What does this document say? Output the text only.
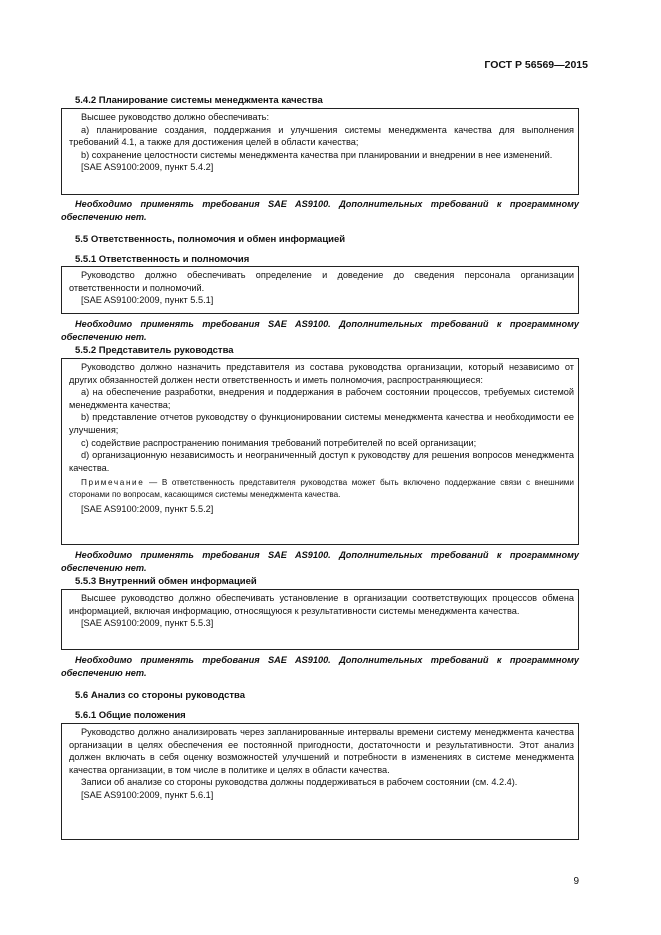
ГОСТ Р 56569—2015
5.4.2 Планирование системы менеджмента качества

Высшее руководство должно обеспечивать:

a) планирование создания, поддержания и улучшения системы менеджмента качества для выполнения требований 4.1, а также для достижения целей в области качества;

b) сохранение целостности системы менеджмента качества при планировании и внедрении в нее изменений.

[SAE AS9100:2009, пункт 5.4.2]

Необходимо применять требования SAE AS9100. Дополнительных требований к программному обеспечению нет.
5.5 Ответственность, полномочия и обмен информацией
5.5.1 Ответственность и полномочия

Руководство должно обеспечивать определение и доведение до сведения персонала организации ответственности и полномочий.

[SAE AS9100:2009, пункт 5.5.1]

Необходимо применять требования SAE AS9100. Дополнительных требований к программному обеспечению нет.
5.5.2 Представитель руководства

Руководство должно назначить представителя из состава руководства организации, который независимо от других обязанностей должен нести ответственность и иметь полномочия, распространяющиеся:

a) на обеспечение разработки, внедрения и поддержания в рабочем состоянии процессов, требуемых системой менеджмента качества;

b) представление отчетов руководству о функционировании системы менеджмента качества и необходимости ее улучшения;

c) содействие распространению понимания требований потребителей по всей организации;

d) организационную независимость и неограниченный доступ к руководству для решения вопросов менеджмента качества.

Примечание — В ответственность представителя руководства может быть включено поддержание связи с внешними сторонами по вопросам, касающимся системы менеджмента качества.

[SAE AS9100:2009, пункт 5.5.2]

Необходимо применять требования SAE AS9100. Дополнительных требований к программному обеспечению нет.
5.5.3 Внутренний обмен информацией

Высшее руководство должно обеспечивать установление в организации соответствующих процессов обмена информацией, включая информацию, относящуюся к результативности системы менеджмента качества.

[SAE AS9100:2009, пункт 5.5.3]

Необходимо применять требования SAE AS9100. Дополнительных требований к программному обеспечению нет.
5.6 Анализ со стороны руководства
5.6.1 Общие положения

Руководство должно анализировать через запланированные интервалы времени систему менеджмента качества организации в целях обеспечения ее постоянной пригодности, достаточности и результативности. Этот анализ должен включать в себя оценку возможностей улучшений и потребности в изменениях в системе менеджмента качества организации, в том числе в политике и целях в области качества.

Записи об анализе со стороны руководства должны поддерживаться в рабочем состоянии (см. 4.2.4).

[SAE AS9100:2009, пункт 5.6.1]

9
